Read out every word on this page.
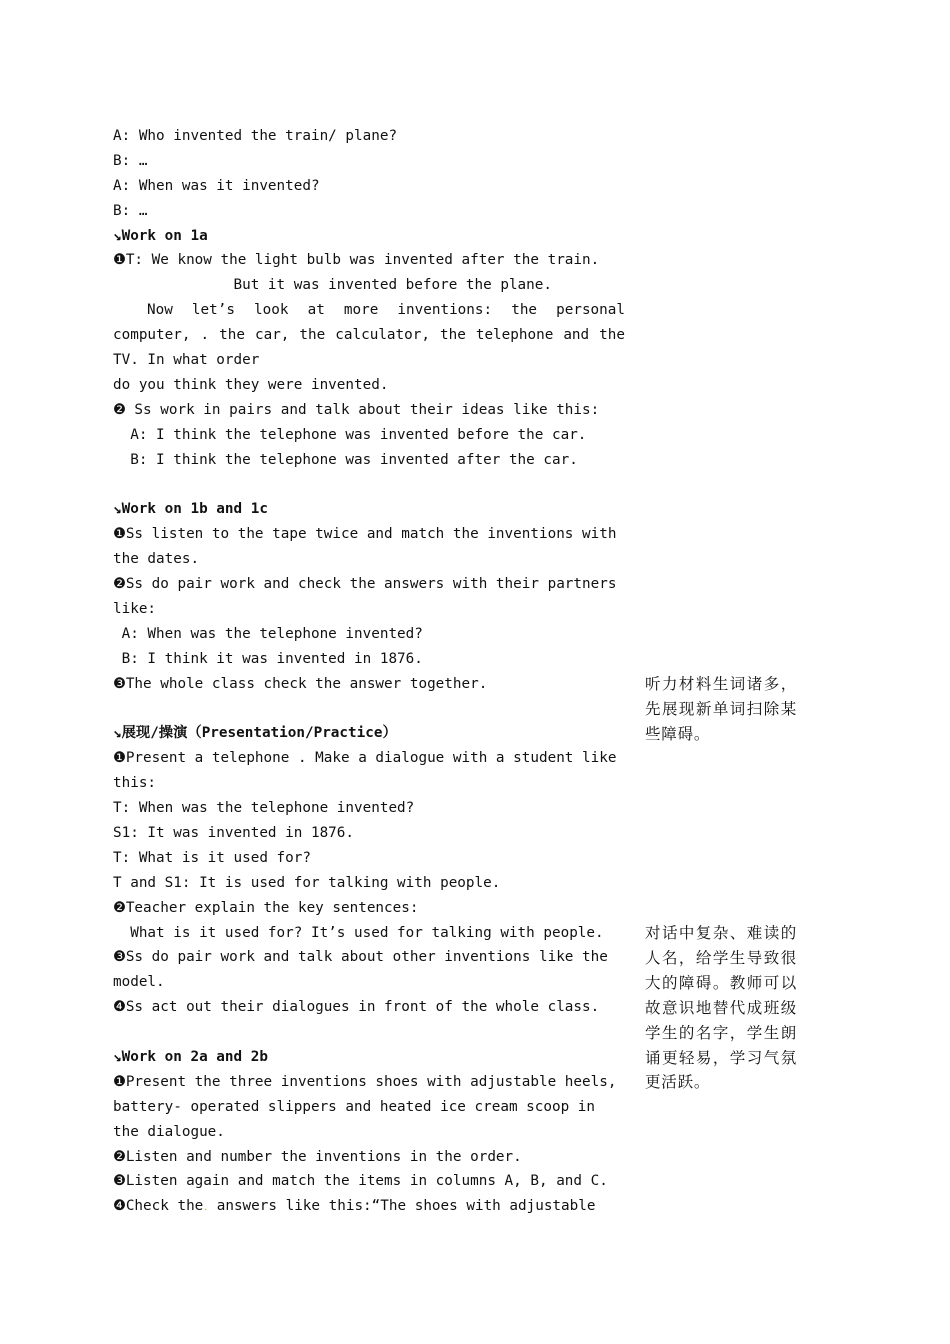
A: Who invented the train/ plane?
B: …
A: When was it invented?
B: …
↘Work on 1a
❶T: We know the light bulb was invented after the train.
But it was invented before the plane.
Now let’s look at more inventions: the personal
computer, . the car, the calculator, the telephone and the
TV. In what order
do you think they were invented.
❷ Ss work in pairs and talk about their ideas like this:
A: I think the telephone was invented before the car.
B: I think the telephone was invented after the car.
↘Work on 1b and 1c
❶Ss listen to the tape twice and match the inventions with
the dates.
❷Ss do pair work and check the answers with their partners
like:
A: When was the telephone invented?
B: I think it was invented in 1876.
❸The whole class check the answer together.
↘展现/操演（Presentation/Practice）
❶Present a telephone . Make a dialogue with a student like
this:
T: When was the telephone invented?
S1: It was invented in 1876.
T: What is it used for?
T and S1: It is used for talking with people.
❷Teacher explain the key sentences:
What is it used for? It’s used for talking with people.
❸Ss do pair work and talk about other inventions like the
model.
❹Ss act out their dialogues in front of the whole class.
↘Work on 2a and 2b
❶Present the three inventions shoes with adjustable heels,
battery- operated slippers and heated ice cream scoop in
the dialogue.
❷Listen and number the inventions in the order.
❸Listen again and match the items in columns A, B, and C.
❹Check the. answers like this:“The shoes with adjustable
听力材料生词诸多，先展现新单词扫除某些障碍。
对话中复杂、难读的人名，给学生导致很大的障碍。教师可以故意识地替代成班级学生的名字，学生朗诵更轻易，学习气氛更活跃。
